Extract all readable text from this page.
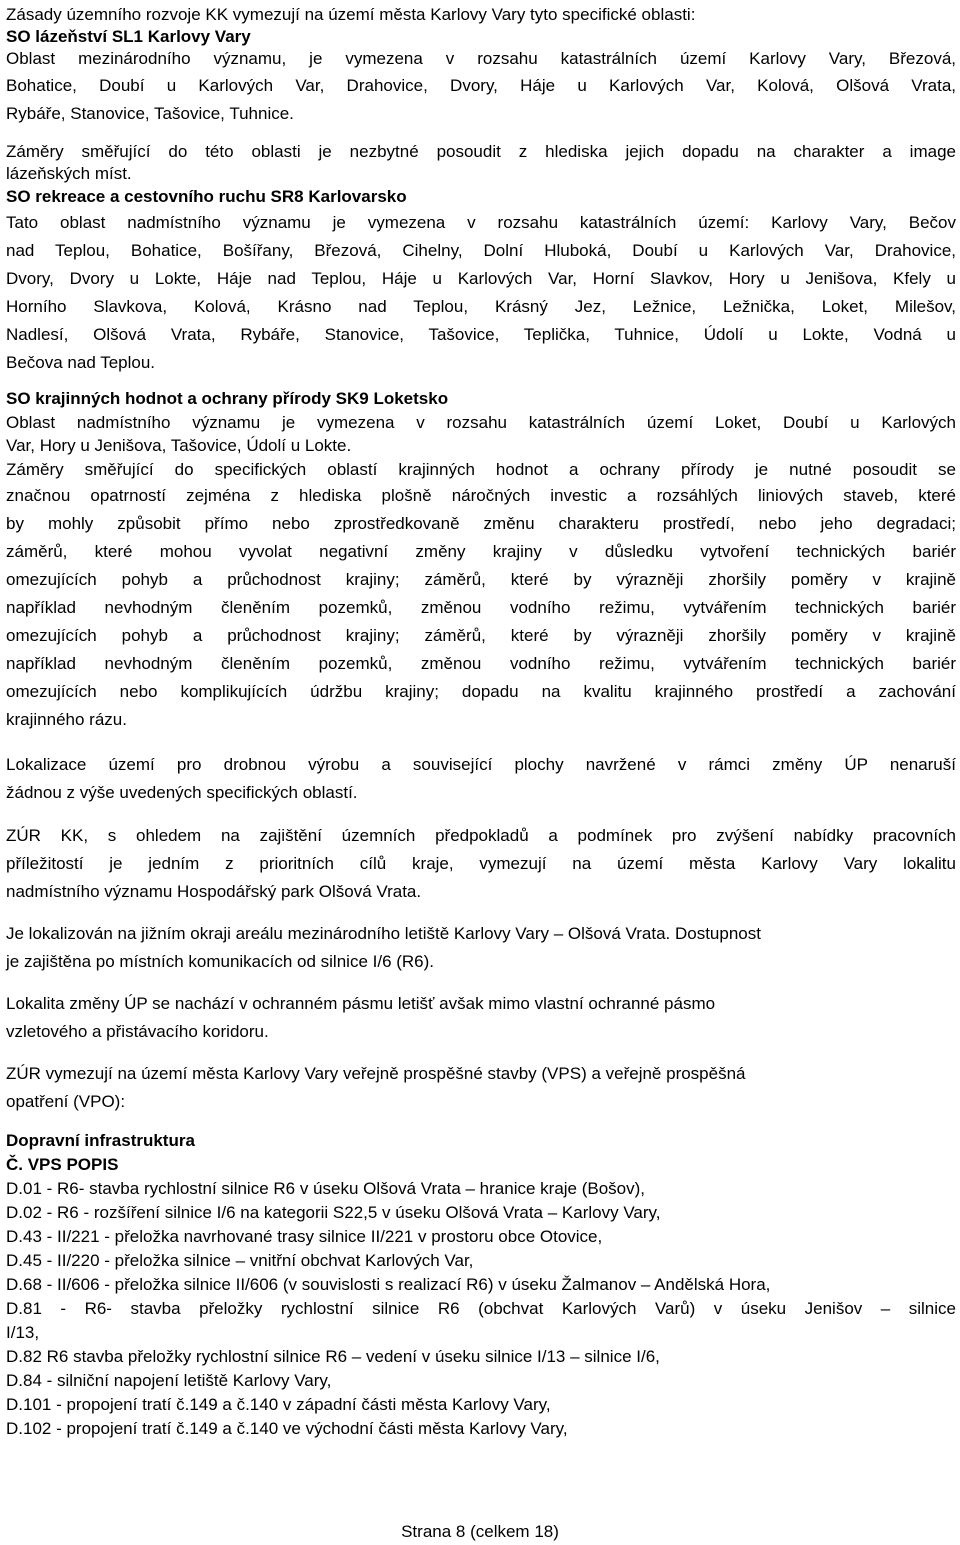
Zásady územního rozvoje KK vymezují na území města Karlovy Vary tyto specifické oblasti:
SO lázeňství SL1 Karlovy Vary
Oblast mezinárodního významu, je vymezena v rozsahu katastrálních území Karlovy Vary, Březová,
Bohatice, Doubí u Karlových Var, Drahovice, Dvory, Háje u Karlových Var, Kolová, Olšová Vrata,
Rybáře, Stanovice, Tašovice, Tuhnice.
Záměry směřující do této oblasti je nezbytné posoudit z hlediska jejich dopadu na charakter a image
lázeňských míst.
SO rekreace a cestovního ruchu SR8 Karlovarsko
Tato oblast nadmístního významu je vymezena v rozsahu katastrálních území: Karlovy Vary, Bečov
nad Teplou, Bohatice, Bošířany, Březová, Cihelny, Dolní Hluboká, Doubí u Karlových Var, Drahovice,
Dvory, Dvory u Lokte, Háje nad Teplou, Háje u Karlových Var, Horní Slavkov, Hory u Jenišova, Kfely u
Horního Slavkova, Kolová, Krásno nad Teplou, Krásný Jez, Ležnice, Ležnička, Loket, Milešov,
Nadlesí, Olšová Vrata, Rybáře, Stanovice, Tašovice, Teplička, Tuhnice, Údolí u Lokte, Vodná u
Bečova nad Teplou.
SO krajinných hodnot a ochrany přírody SK9 Loketsko
Oblast nadmístního významu je vymezena v rozsahu katastrálních území Loket, Doubí u Karlových
Var, Hory u Jenišova, Tašovice, Údolí u Lokte.
Záměry směřující do specifických oblastí krajinných hodnot a ochrany přírody je nutné posoudit se
značnou opatrností zejména z hlediska plošně náročných investic a rozsáhlých liniových staveb, které
by mohly způsobit přímo nebo zprostředkovaně změnu charakteru prostředí, nebo jeho degradaci;
záměrů, které mohou vyvolat negativní změny krajiny v důsledku vytvoření technických bariér
omezujících pohyb a průchodnost krajiny; záměrů, které by výrazněji zhoršily poměry v krajině
například nevhodným členěním pozemků, změnou vodního režimu, vytvářením technických bariér
omezujících pohyb a průchodnost krajiny; záměrů, které by výrazněji zhoršily poměry v krajině
například nevhodným členěním pozemků, změnou vodního režimu, vytvářením technických bariér
omezujících nebo komplikujících údržbu krajiny; dopadu na kvalitu krajinného prostředí a zachování
krajinného rázu.
Lokalizace území pro drobnou výrobu a související plochy navržené v rámci změny ÚP nenaruší
žádnou z výše uvedených specifických oblastí.
ZÚR KK, s ohledem na zajištění územních předpokladů a podmínek pro zvýšení nabídky pracovních
příležitostí je jedním z prioritních cílů kraje, vymezují na území města Karlovy Vary lokalitu
nadmístního významu Hospodářský park Olšová Vrata.
Je lokalizován na jižním okraji areálu mezinárodního letiště Karlovy Vary – Olšová Vrata. Dostupnost
je zajištěna po místních komunikacích od silnice I/6 (R6).
Lokalita změny ÚP se nachází v ochranném pásmu letišť avšak mimo vlastní ochranné pásmo
vzletového a přistávacího koridoru.
ZÚR vymezují na území města Karlovy Vary veřejně prospěšné stavby (VPS) a veřejně prospěšná
opatření (VPO):
Dopravní infrastruktura
Č. VPS POPIS
D.01 - R6- stavba rychlostní silnice R6 v úseku Olšová Vrata – hranice kraje (Bošov),
D.02 - R6 - rozšíření silnice I/6 na kategorii S22,5 v úseku Olšová Vrata – Karlovy Vary,
D.43 - II/221 - přeložka navrhované trasy silnice II/221 v prostoru obce Otovice,
D.45 - II/220 - přeložka silnice – vnitřní obchvat Karlových Var,
D.68 - II/606 - přeložka silnice II/606 (v souvislosti s realizací R6) v úseku Žalmanov – Andělská Hora,
D.81 - R6- stavba přeložky rychlostní silnice R6 (obchvat Karlových Varů) v úseku Jenišov – silnice
I/13,
D.82 R6 stavba přeložky rychlostní silnice R6 – vedení v úseku silnice I/13 – silnice I/6,
D.84 - silniční napojení letiště Karlovy Vary,
D.101 - propojení tratí č.149 a č.140 v západní části města Karlovy Vary,
D.102 - propojení tratí č.149 a č.140 ve východní části města Karlovy Vary,
Strana 8 (celkem 18)
